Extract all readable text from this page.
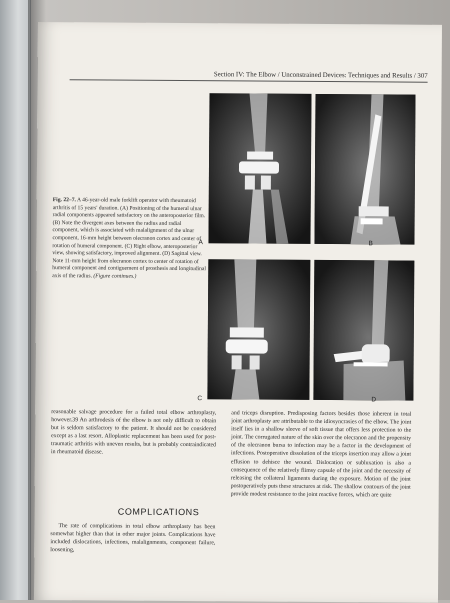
Section IV: The Elbow / Unconstrained Devices: Techniques and Results / 307
Fig. 22–7. A 46-year-old male forklift operator with rheumatoid arthritis of 15 years' duration. (A) Positioning of the humeral ulnar radial components appeared satisfactory on the anteroposterior film. (B) Note the divergent axes between the radius and radial component, which is associated with malalignment of the ulnar component, 16-mm height between olecranon cortex and center of rotation of humeral component. (C) Right elbow, anteroposterior view, showing satisfactory, improved alignment. (D) Sagittal view. Note 11-mm height from olecranon cortex to center of rotation of humeral component and contiguement of prosthesis and longitudinal axis of the radius. (Figure continues.)
A	B
C	D

reasonable salvage procedure for a failed total elbow arthroplasty, however.39 An arthrodesis of the elbow is not only difficult to obtain but is seldom satisfactory to the patient. It should not be considered except as a last resort. Alloplastic replacement has been used for post-traumatic arthritis with uneven results, but is probably contraindicated in rheumatoid disease.

COMPLICATIONS

The rate of complications in total elbow arthroplasty has been somewhat higher than that in other major joints. Complications have included dislocations, infections, malalignments, component failure, loosening,

and triceps disruption. Predisposing factors besides those inherent in total joint arthroplasty are attributable to the idiosyncrasies of the elbow. The joint itself lies in a shallow sleeve of soft tissue that offers less protection to the joint. The corrugated nature of the skin over the olecranon and the propensity of the olecranon bursa to infection may be a factor in the development of infections. Postoperative dissolution of the triceps insertion may allow a joint effusion to dehisce the wound. Dislocation or subluxation is also a consequence of the relatively flimsy capsule of the joint and the necessity of releasing the collateral ligaments during the exposure. Motion of the joint postoperatively puts these structures at risk. The shallow contours of the joint provide modest resistance to the joint reactive forces, which are quite
